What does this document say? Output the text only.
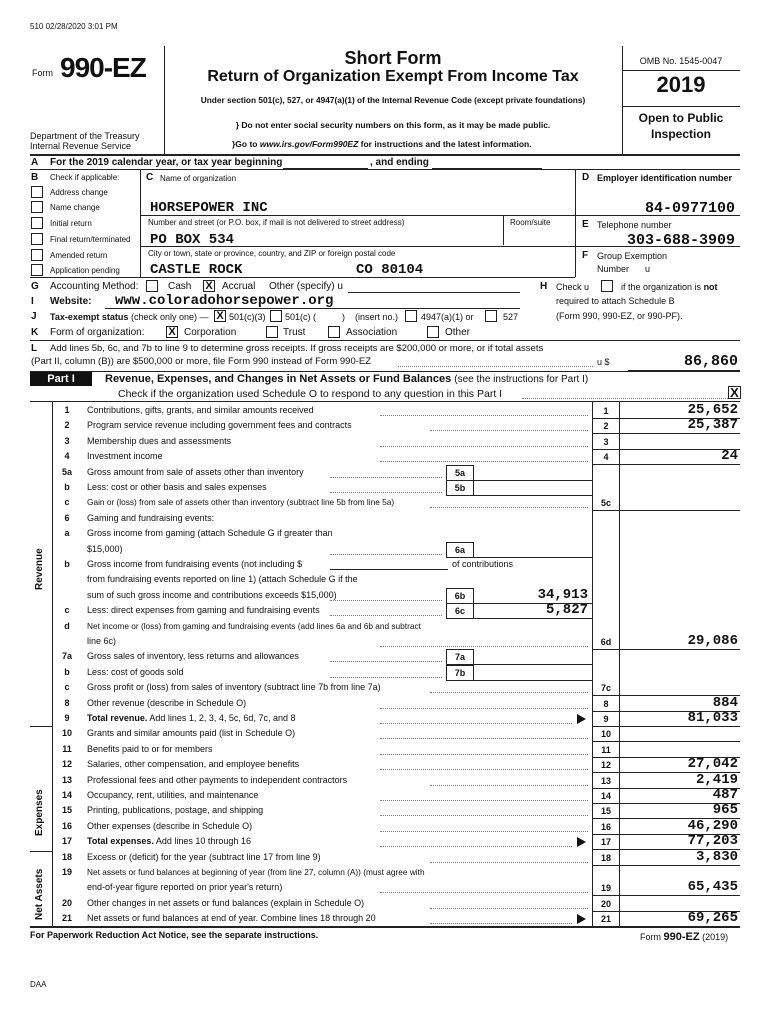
510 02/28/2020 3:01 PM
Form 990-EZ	Short Form
Return of Organization Exempt From Income Tax
Under section 501(c), 527, or 4947(a)(1) of the Internal Revenue Code (except private foundations)
} Do not enter social security numbers on this form, as it may be made public.
}Go to www.irs.gov/Form990EZ for instructions and the latest information.
Department of the Treasury
Internal Revenue Service
OMB No. 1545-0047
2019
Open to Public
Inspection
A For the 2019 calendar year, or tax year beginning	, and ending
B Check if applicable:
Address change
Name change
Initial return
Final return/terminated
Amended return
Application pending
C Name of organization
HORSEPOWER INC
Number and street (or P.O. box, if mail is not delivered to street address)	Room/suite
PO BOX 534
City or town, state or province, country, and ZIP or foreign postal code
CASTLE ROCK	CO 80104
D Employer identification number
84-0977100
E Telephone number
303-688-3909
F Group Exemption
Number u
G Accounting Method:	Cash X Accrual Other (specify) u	H Check u	if the organization is not
required to attach Schedule B
(Form 990, 990-EZ, or 990-PF).
I Website: www.coloradohorsepower.org
J Tax-exempt status (check only one) — X 501(c)(3) 501(c) (	) (insert no.)	4947(a)(1) or	527
K Form of organization: X Corporation	Trust	Association	Other
L Add lines 5b, 6c, and 7b to line 9 to determine gross receipts. If gross receipts are $200,000 or more, or if total assets
(Part II, column (B)) are $500,000 or more, file Form 990 instead of Form 990-EZ	u $	86,860
Part I	Revenue, Expenses, and Changes in Net Assets or Fund Balances (see the instructions for Part I)
Check if the organization used Schedule O to respond to any question in this Part I	X
Revenue
Expenses
Net Assets
1	Contributions, gifts, grants, and similar amounts received	1	25,652
2	Program service revenue including government fees and contracts	2	25,387
3	Membership dues and assessments	3
4	Investment income	4	24
5a	Gross amount from sale of assets other than inventory	5a
b	Less: cost or other basis and sales expenses	5b
c	Gain or (loss) from sale of assets other than inventory (subtract line 5b from line 5a)	5c
6	Gaming and fundraising events:
a	Gross income from gaming (attach Schedule G if greater than
$15,000)	6a
b	Gross income from fundraising events (not including $	of contributions
from fundraising events reported on line 1) (attach Schedule G if the
sum of such gross income and contributions exceeds $15,000)	6b	34,913
c	Less: direct expenses from gaming and fundraising events	6c	5,827
d	Net income or (loss) from gaming and fundraising events (add lines 6a and 6b and subtract
line 6c)	6d	29,086
7a	Gross sales of inventory, less returns and allowances	7a
b	Less: cost of goods sold	7b
c	Gross profit or (loss) from sales of inventory (subtract line 7b from line 7a)	7c
8	Other revenue (describe in Schedule O)	8	884
9	Total revenue. Add lines 1, 2, 3, 4, 5c, 6d, 7c, and 8	9	81,033
10	Grants and similar amounts paid (list in Schedule O)	10
11	Benefits paid to or for members	11
12	Salaries, other compensation, and employee benefits	12	27,042
13	Professional fees and other payments to independent contractors	13	2,419
14	Occupancy, rent, utilities, and maintenance	14	487
15	Printing, publications, postage, and shipping	15	965
16	Other expenses (describe in Schedule O)	16	46,290
17	Total expenses. Add lines 10 through 16	17	77,203
18	Excess or (deficit) for the year (subtract line 17 from line 9)	18	3,830
19	Net assets or fund balances at beginning of year (from line 27, column (A)) (must agree with
end-of-year figure reported on prior year's return)	19	65,435
20	Other changes in net assets or fund balances (explain in Schedule O)	20
21	Net assets or fund balances at end of year. Combine lines 18 through 20	21	69,265
For Paperwork Reduction Act Notice, see the separate instructions.	Form 990-EZ (2019)
DAA
